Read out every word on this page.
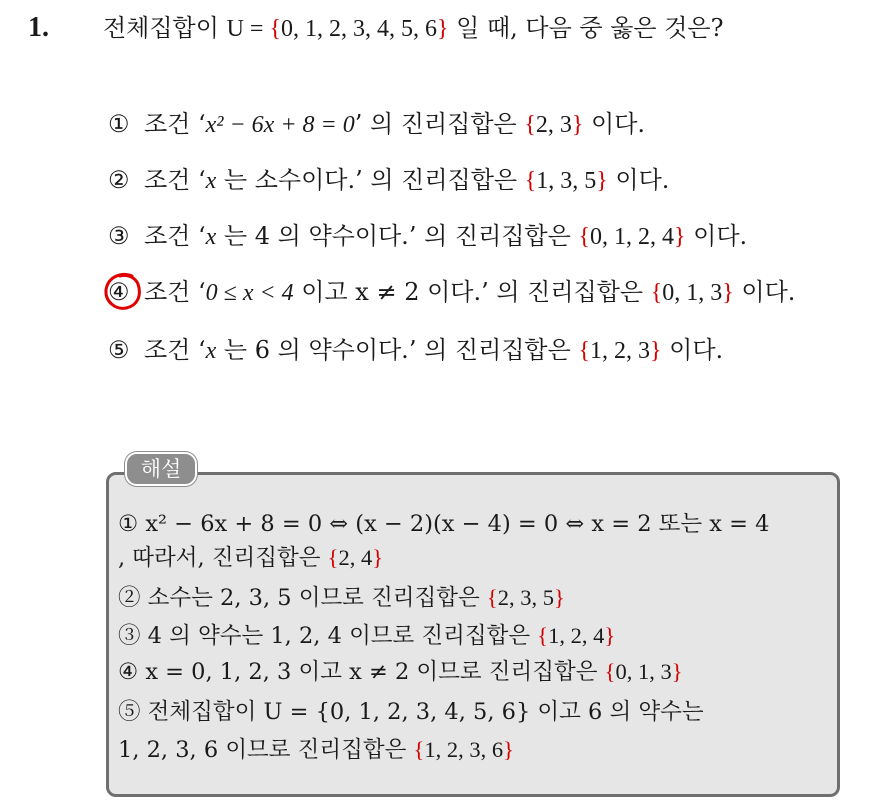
1. 전체집합이 U = {0, 1, 2, 3, 4, 5, 6} 일 때, 다음 중 옳은 것은?
① 조건 ‘x² − 6x + 8 = 0’ 의 진리집합은 {2, 3} 이다.
② 조건 ‘x 는 소수이다.’ 의 진리집합은 {1, 3, 5} 이다.
③ 조건 ‘x 는 4 의 약수이다.’ 의 진리집합은 {0, 1, 2, 4} 이다.
④ 조건 ‘0 ≤ x < 4 이고 x ≠ 2 이다.’ 의 진리집합은 {0, 1, 3} 이다.
⑤ 조건 ‘x 는 6 의 약수이다.’ 의 진리집합은 {1, 2, 3} 이다.
해설
① x² − 6x + 8 = 0 ⇔ (x − 2)(x − 4) = 0 ⇔ x = 2 또는 x = 4
, 따라서, 진리집합은 {2, 4}
② 소수는 2, 3, 5 이므로 진리집합은 {2, 3, 5}
③ 4 의 약수는 1, 2, 4 이므로 진리집합은 {1, 2, 4}
④ x = 0, 1, 2, 3 이고 x ≠ 2 이므로 진리집합은 {0, 1, 3}
⑤ 전체집합이 U = {0, 1, 2, 3, 4, 5, 6} 이고 6 의 약수는
1, 2, 3, 6 이므로 진리집합은 {1, 2, 3, 6}
